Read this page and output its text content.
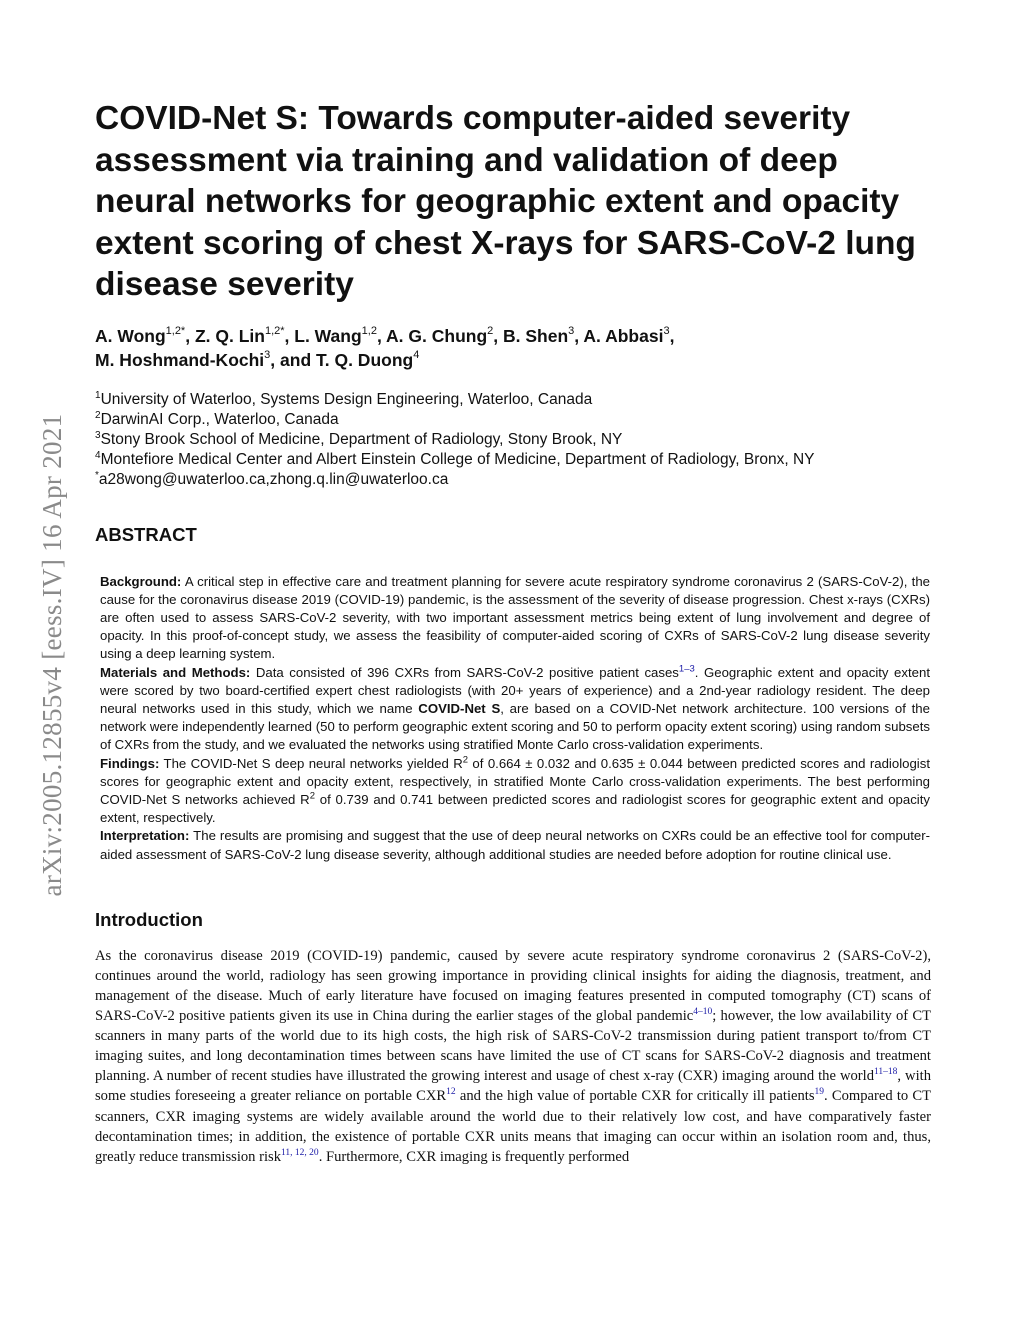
arXiv:2005.12855v4 [eess.IV] 16 Apr 2021
COVID-Net S: Towards computer-aided severity assessment via training and validation of deep neural networks for geographic extent and opacity extent scoring of chest X-rays for SARS-CoV-2 lung disease severity
A. Wong$^{1,2*}$, Z. Q. Lin$^{1,2*}$, L. Wang$^{1,2}$, A. G. Chung$^2$, B. Shen$^3$, A. Abbasi$^3$,
M. Hoshmand-Kochi$^3$, and T. Q. Duong$^4$
$^1$University of Waterloo, Systems Design Engineering, Waterloo, Canada
$^2$DarwinAI Corp., Waterloo, Canada
$^3$Stony Brook School of Medicine, Department of Radiology, Stony Brook, NY
$^4$Montefiore Medical Center and Albert Einstein College of Medicine, Department of Radiology, Bronx, NY
*a28wong@uwaterloo.ca,zhong.q.lin@uwaterloo.ca
ABSTRACT

Background: A critical step in effective care and treatment planning for severe acute respiratory syndrome coronavirus 2 (SARS-CoV-2), the cause for the coronavirus disease 2019 (COVID-19) pandemic, is the assessment of the severity of disease progression. Chest x-rays (CXRs) are often used to assess SARS-CoV-2 severity, with two important assessment metrics being extent of lung involvement and degree of opacity. In this proof-of-concept study, we assess the feasibility of computer-aided scoring of CXRs of SARS-CoV-2 lung disease severity using a deep learning system.

Materials and Methods: Data consisted of 396 CXRs from SARS-CoV-2 positive patient cases$^{1-3}$. Geographic extent and opacity extent were scored by two board-certified expert chest radiologists (with 20+ years of experience) and a 2nd-year radiology resident. The deep neural networks used in this study, which we name COVID-Net S, are based on a COVID-Net network architecture. 100 versions of the network were independently learned (50 to perform geographic extent scoring and 50 to perform opacity extent scoring) using random subsets of CXRs from the study, and we evaluated the networks using stratified Monte Carlo cross-validation experiments.

Findings: The COVID-Net S deep neural networks yielded $R^2$ of 0.664 ± 0.032 and 0.635 ± 0.044 between predicted scores and radiologist scores for geographic extent and opacity extent, respectively, in stratified Monte Carlo cross-validation experiments. The best performing COVID-Net S networks achieved $R^2$ of 0.739 and 0.741 between predicted scores and radiologist scores for geographic extent and opacity extent, respectively.

Interpretation: The results are promising and suggest that the use of deep neural networks on CXRs could be an effective tool for computer-aided assessment of SARS-CoV-2 lung disease severity, although additional studies are needed before adoption for routine clinical use.

Introduction

As the coronavirus disease 2019 (COVID-19) pandemic, caused by severe acute respiratory syndrome coronavirus 2 (SARS-CoV-2), continues around the world, radiology has seen growing importance in providing clinical insights for aiding the diagnosis, treatment, and management of the disease. Much of early literature have focused on imaging features presented in computed tomography (CT) scans of SARS-CoV-2 positive patients given its use in China during the earlier stages of the global pandemic$^{4-10}$; however, the low availability of CT scanners in many parts of the world due to its high costs, the high risk of SARS-CoV-2 transmission during patient transport to/from CT imaging suites, and long decontamination times between scans have limited the use of CT scans for SARS-CoV-2 diagnosis and treatment planning. A number of recent studies have illustrated the growing interest and usage of chest x-ray (CXR) imaging around the world$^{11-18}$, with some studies foreseeing a greater reliance on portable CXR$^{12}$ and the high value of portable CXR for critically ill patients$^{19}$. Compared to CT scanners, CXR imaging systems are widely available around the world due to their relatively low cost, and have comparatively faster decontamination times; in addition, the existence of portable CXR units means that imaging can occur within an isolation room and, thus, greatly reduce transmission risk$^{11, 12, 20}$. Furthermore, CXR imaging is frequently performed
